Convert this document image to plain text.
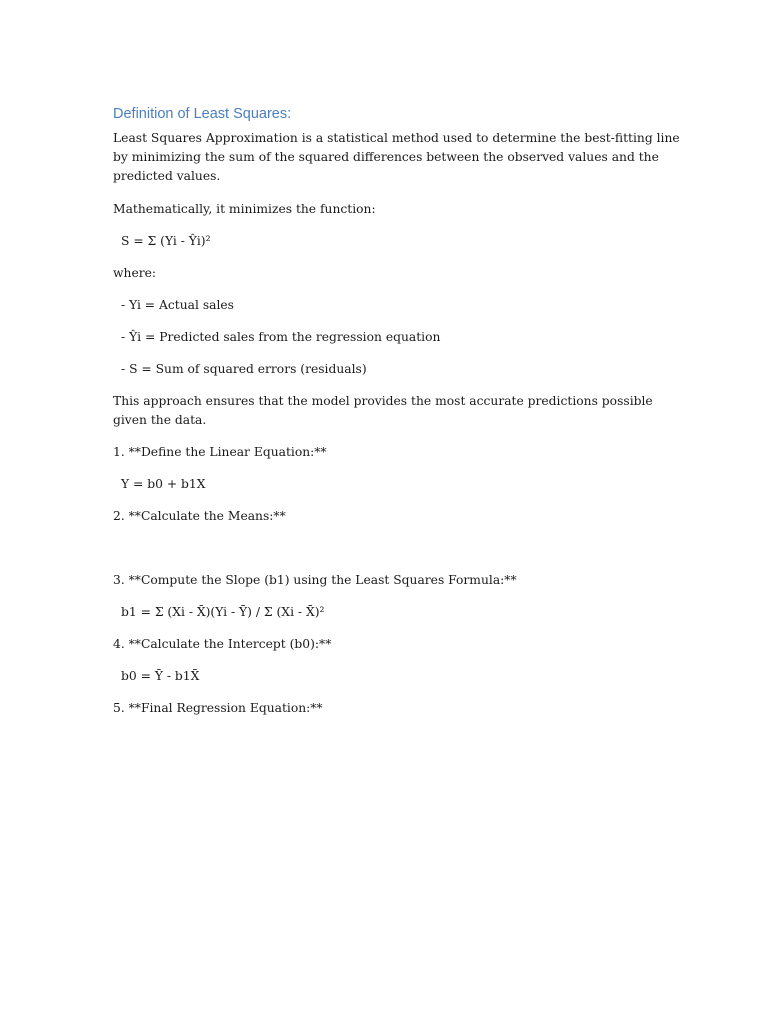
Definition of Least Squares:
Least Squares Approximation is a statistical method used to determine the best-fitting line
by minimizing the sum of the squared differences between the observed values and the
predicted values.
Mathematically, it minimizes the function:
S = Σ (Yi - Ŷi)²
where:
- Yi = Actual sales
- Ŷi = Predicted sales from the regression equation
- S = Sum of squared errors (residuals)
This approach ensures that the model provides the most accurate predictions possible
given the data.
1. **Define the Linear Equation:**
Y = b0 + b1X
2. **Calculate the Means:**
3. **Compute the Slope (b1) using the Least Squares Formula:**
b1 = Σ (Xi - X̄)(Yi - Ȳ) / Σ (Xi - X̄)²
4. **Calculate the Intercept (b0):**
b0 = Ȳ - b1X̄
5. **Final Regression Equation:**
